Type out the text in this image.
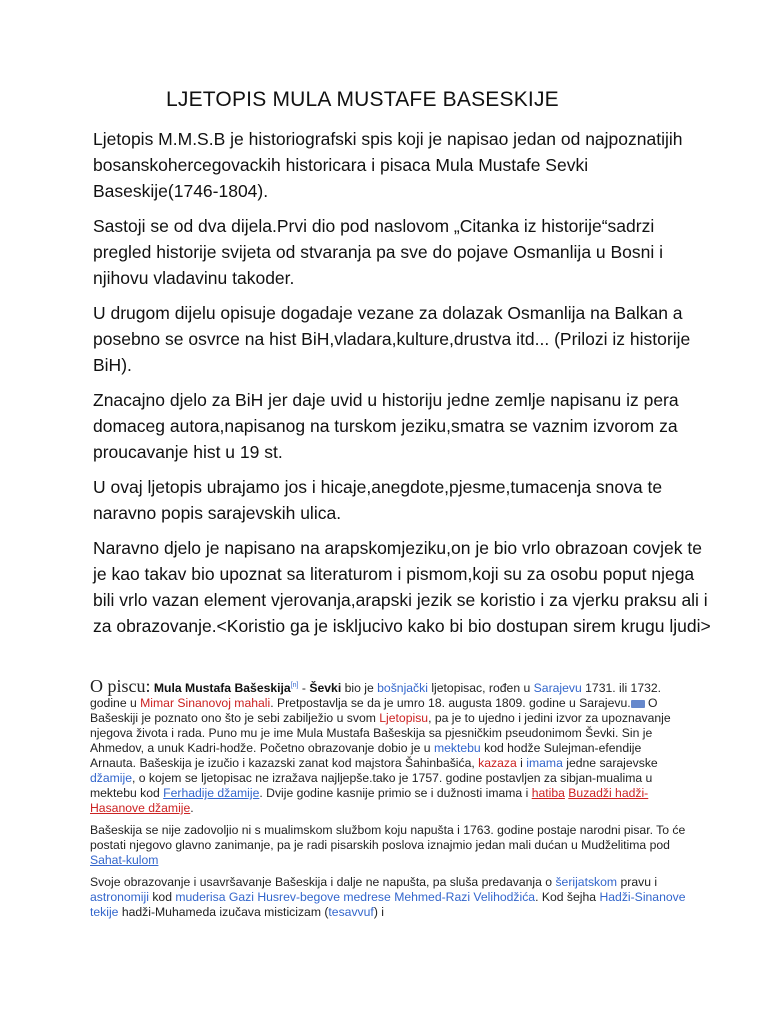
LJETOPIS MULA MUSTAFE BASESKIJE

Ljetopis M.M.S.B je historiografski spis koji je napisao jedan od najpoznatijih bosanskohercegovackih historicara i pisaca Mula Mustafe Sevki Baseskije(1746-1804).

Sastoji se od dva dijela.Prvi dio pod naslovom „Citanka iz historije“sadrzi pregled historije svijeta od stvaranja pa sve do pojave Osmanlija u Bosni i njihovu vladavinu takoder.

U drugom dijelu opisuje dogadaje vezane za dolazak Osmanlija na Balkan a posebno se osvrce na hist BiH,vladara,kulture,drustva itd... (Prilozi iz historije BiH).

Znacajno djelo za BiH jer daje uvid u historiju jedne zemlje napisanu iz pera domaceg autora,napisanog na turskom jeziku,smatra se vaznim izvorom za proucavanje hist u 19 st.

U ovaj ljetopis ubrajamo jos i hicaje,anegdote,pjesme,tumacenja snova te naravno popis sarajevskih ulica.

Naravno djelo je napisano na arapskomjeziku,on je bio vrlo obrazoan covjek te je kao takav bio upoznat sa literaturom i pismom,koji su za osobu poput njega bili vrlo vazan element vjerovanja,arapski jezik se koristio i za vjerku praksu ali i za obrazovanje.<Koristio ga je iskljucivo kako bi bio dostupan sirem krugu ljudi>

O piscu: Mula Mustafa Bašeskija[n] - Ševki bio je bošnjački ljetopisac, rođen u Sarajevu 1731. ili 1732. godine u Mimar Sinanovoj mahali. Pretpostavlja se da je umro 18. augusta 1809. godine u Sarajevu. O Bašeskiji je poznato ono što je sebi zabilježio u svom Ljetopisu, pa je to ujedno i jedini izvor za upoznavanje njegova života i rada. Puno mu je ime Mula Mustafa Bašeskija sa pjesničkim pseudonimom Ševki. Sin je Ahmedov, a unuk Kadri-hodže. Početno obrazovanje dobio je u mektebu kod hodže Sulejman-efendije Arnauta. Bašeskija je izučio i kazazski zanat kod majstora Šahinbašića, kazaza i imama jedne sarajevske džamije, o kojem se ljetopisac ne izražava najljepše.tako je 1757. godine postavljen za sibjan-mualima u mektebu kod Ferhadije džamije. Dvije godine kasnije primio se i dužnosti imama i hatiba Buzadži hadži-Hasanove džamije.

Bašeskija se nije zadovoljio ni s mualimskom službom koju napušta i 1763. godine postaje narodni pisar. To će postati njegovo glavno zanimanje, pa je radi pisarskih poslova iznajmio jedan mali dućan u Mudželitima pod Sahat-kulom

Svoje obrazovanje i usavršavanje Bašeskija i dalje ne napušta, pa sluša predavanja o šerijatskom pravu i astronomiji kod muderisa Gazi Husrev-begove medrese Mehmed-Razi Velihodžića. Kod šejha Hadži-Sinanove tekije hadži-Muhameda izučava misticizam (tesavvuf) i
